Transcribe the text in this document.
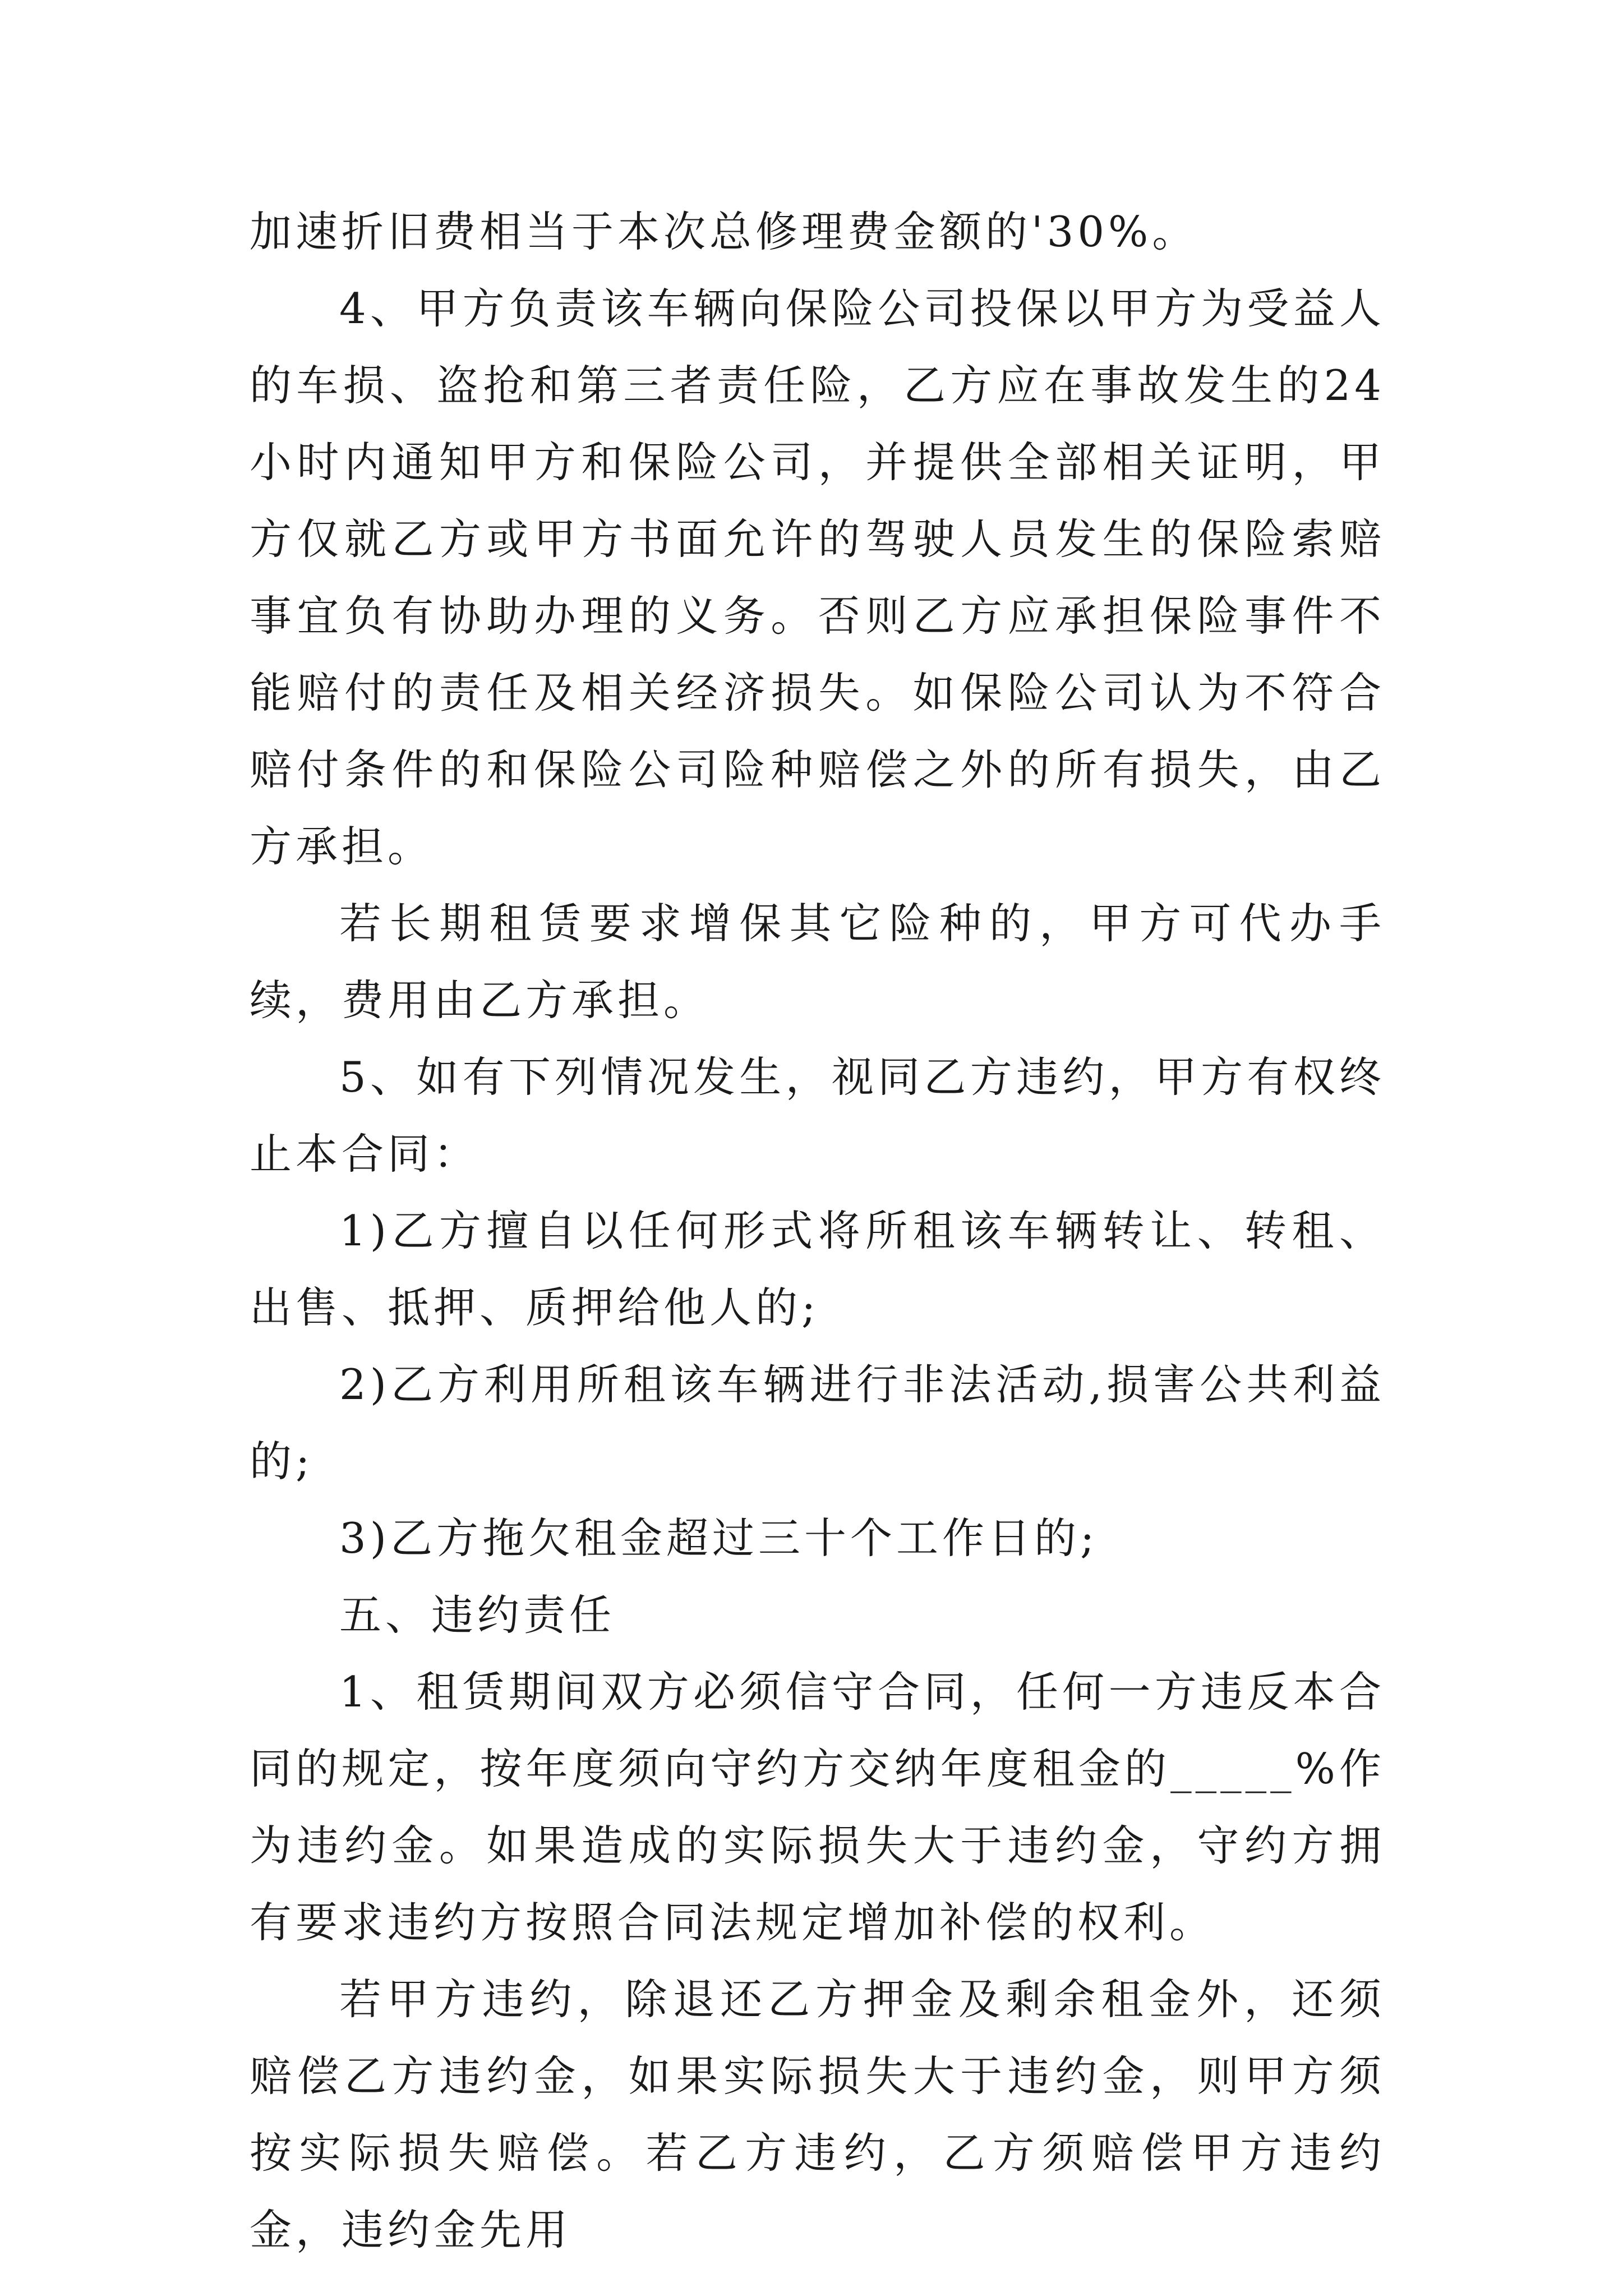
加速折旧费相当于本次总修理费金额的'30%。

4、甲方负责该车辆向保险公司投保以甲方为受益人的车损、盗抢和第三者责任险，乙方应在事故发生的24小时内通知甲方和保险公司，并提供全部相关证明，甲方仅就乙方或甲方书面允许的驾驶人员发生的保险索赔事宜负有协助办理的义务。否则乙方应承担保险事件不能赔付的责任及相关经济损失。如保险公司认为不符合赔付条件的和保险公司险种赔偿之外的所有损失，由乙方承担。

若长期租赁要求增保其它险种的，甲方可代办手续，费用由乙方承担。

5、如有下列情况发生，视同乙方违约，甲方有权终止本合同：

1)乙方擅自以任何形式将所租该车辆转让、转租、出售、抵押、质押给他人的;

2)乙方利用所租该车辆进行非法活动,损害公共利益的;

3)乙方拖欠租金超过三十个工作日的;

五、违约责任

1、租赁期间双方必须信守合同，任何一方违反本合同的规定，按年度须向守约方交纳年度租金的_____%作为违约金。如果造成的实际损失大于违约金，守约方拥有要求违约方按照合同法规定增加补偿的权利。

若甲方违约，除退还乙方押金及剩余租金外，还须赔偿乙方违约金，如果实际损失大于违约金，则甲方须按实际损失赔偿。若乙方违约，乙方须赔偿甲方违约金，违约金先用
